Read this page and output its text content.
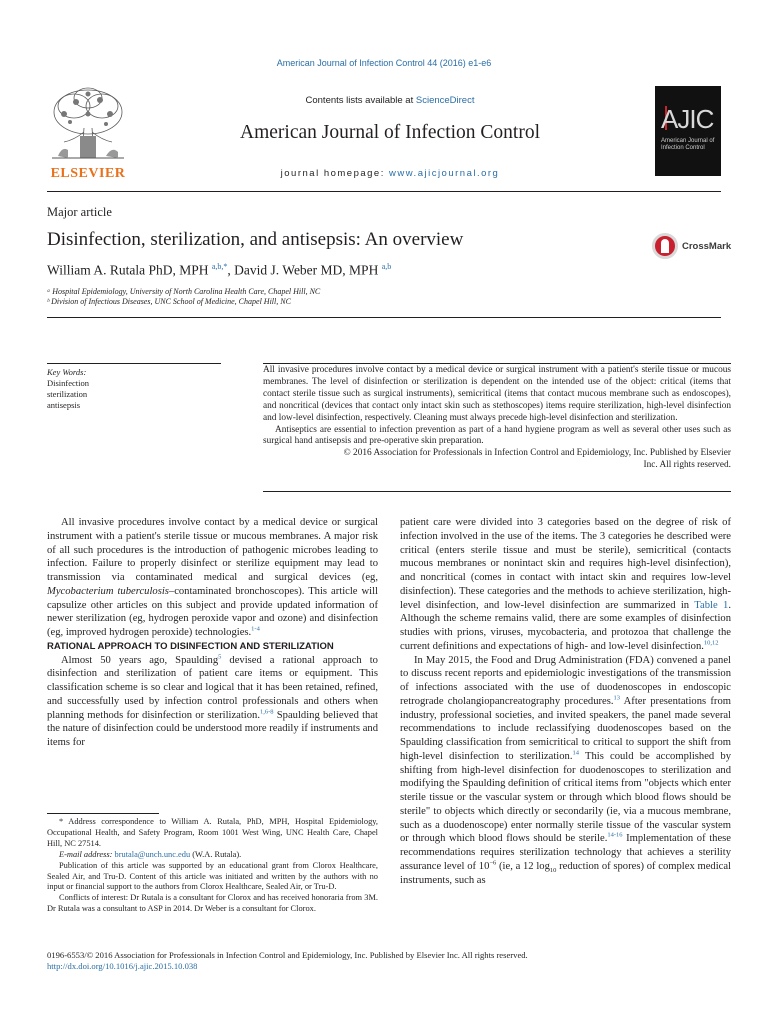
American Journal of Infection Control 44 (2016) e1-e6
ELSEVIER
Contents lists available at ScienceDirect
American Journal of Infection Control
journal homepage: www.ajicjournal.org
AJIC
American Journal of Infection Control
Major article
Disinfection, sterilization, and antisepsis: An overview	CrossMark
William A. Rutala PhD, MPH $^{a,b,*}$, David J. Weber MD, MPH $^{a,b}$
ᵃ Hospital Epidemiology, University of North Carolina Health Care, Chapel Hill, NC
ᵇ Division of Infectious Diseases, UNC School of Medicine, Chapel Hill, NC
Key Words:
Disinfection
sterilization
antisepsis

All invasive procedures involve contact by a medical device or surgical instrument with a patient's sterile tissue or mucous membranes. The level of disinfection or sterilization is dependent on the intended use of the object: critical (items that contact sterile tissue such as surgical instruments), semicritical (items that contact mucous membrane such as endoscopes), and noncritical (devices that contact only intact skin such as stethoscopes) items require sterilization, high-level disinfection and low-level disinfection, respectively. Cleaning must always precede high-level disinfection and sterilization.

Antiseptics are essential to infection prevention as part of a hand hygiene program as well as several other uses such as surgical hand antisepsis and pre-operative skin preparation.

© 2016 Association for Professionals in Infection Control and Epidemiology, Inc. Published by Elsevier

Inc. All rights reserved.

All invasive procedures involve contact by a medical device or surgical instrument with a patient's sterile tissue or mucous membranes. A major risk of all such procedures is the introduction of pathogenic microbes leading to infection. Failure to properly disinfect or sterilize equipment may lead to transmission via contaminated medical and surgical devices (eg, Mycobacterium tuberculosis–contaminated bronchoscopes). This article will capsulize other articles on this subject and provide updated information of newer sterilization (eg, hydrogen peroxide vapor and ozone) and disinfection (eg, improved hydrogen peroxide) technologies.$^{1-4}$

RATIONAL APPROACH TO DISINFECTION AND STERILIZATION

Almost 50 years ago, Spaulding$^5$ devised a rational approach to disinfection and sterilization of patient care items or equipment. This classification scheme is so clear and logical that it has been retained, refined, and successfully used by infection control professionals and others when planning methods for disinfection or sterilization.$^{1,6-8}$ Spaulding believed that the nature of disinfection could be understood more readily if instruments and items for

* Address correspondence to William A. Rutala, PhD, MPH, Hospital Epidemiology, Occupational Health, and Safety Program, Room 1001 West Wing, UNC Health Care, Chapel Hill, NC 27514.

E-mail address: brutala@unch.unc.edu (W.A. Rutala).

Publication of this article was supported by an educational grant from Clorox Healthcare, Sealed Air, and Tru-D. Content of this article was initiated and written by the authors with no input or financial support to the authors from Clorox Healthcare, Sealed Air, or Tru-D.

Conflicts of interest: Dr Rutala is a consultant for Clorox and has received honoraria from 3M. Dr Rutala was a consultant to ASP in 2014. Dr Weber is a consultant for Clorox.

patient care were divided into 3 categories based on the degree of risk of infection involved in the use of the items. The 3 categories he described were critical (enters sterile tissue and must be sterile), semicritical (contacts mucous membranes or nonintact skin and requires high-level disinfection), and noncritical (comes in contact with intact skin and requires low-level disinfection). These categories and the methods to achieve sterilization, high-level disinfection, and low-level disinfection are summarized in Table 1. Although the scheme remains valid, there are some examples of disinfection studies with prions, viruses, mycobacteria, and protozoa that challenge the current definitions and expectations of high- and low-level disinfection.$^{10,12}$

In May 2015, the Food and Drug Administration (FDA) convened a panel to discuss recent reports and epidemiologic investigations of the transmission of infections associated with the use of duodenoscopes in endoscopic retrograde cholangiopancreatography procedures.$^{13}$ After presentations from industry, professional societies, and invited speakers, the panel made several recommendations to include reclassifying duodenoscopes based on the Spaulding classification from semicritical to critical to support the shift from high-level disinfection to sterilization.$^{14}$ This could be accomplished by shifting from high-level disinfection for duodenoscopes to sterilization and modifying the Spaulding definition of critical items from "objects which enter sterile tissue or the vascular system or through which blood flows should be sterile" to objects which directly or secondarily (ie, via a mucous membrane, such as a duodenoscope) enter normally sterile tissue of the vascular system or through which blood flows should be sterile.$^{14-16}$ Implementation of these recommendations requires sterilization technology that achieves a sterility assurance level of $10^{-6}$ (ie, a 12 $\log_{10}$ reduction of spores) of complex medical instruments, such as

0196-6553/© 2016 Association for Professionals in Infection Control and Epidemiology, Inc. Published by Elsevier Inc. All rights reserved.
http://dx.doi.org/10.1016/j.ajic.2015.10.038
